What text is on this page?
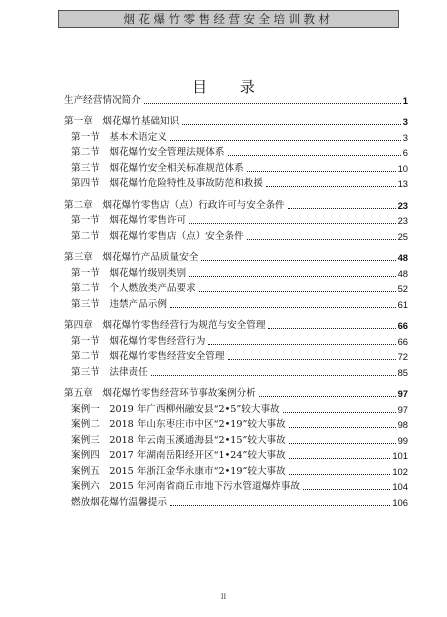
烟花爆竹零售经营安全培训教材
目 录
生产经营情况简介	1
第一章　烟花爆竹基础知识	3
第一节　基本术语定义	3
第二节　烟花爆竹安全管理法规体系	6
第三节　烟花爆竹安全相关标准规范体系	10
第四节　烟花爆竹危险特性及事故防范和救援	13
第二章　烟花爆竹零售店（点）行政许可与安全条件	23
第一节　烟花爆竹零售许可	23
第二节　烟花爆竹零售店（点）安全条件	25
第三章　烟花爆竹产品质量安全	48
第一节　烟花爆竹级别类别	48
第二节　个人燃放类产品要求	52
第三节　违禁产品示例	61
第四章　烟花爆竹零售经营行为规范与安全管理	66
第一节　烟花爆竹零售经营行为	66
第二节　烟花爆竹零售经营安全管理	72
第三节　法律责任	85
第五章　烟花爆竹零售经营环节事故案例分析	97
案例一　2019 年广西柳州融安县“2•5”较大事故	97
案例二　2018 年山东枣庄市中区“2•19”较大事故	98
案例三　2018 年云南玉溪通海县“2•15”较大事故	99
案例四　2017 年湖南岳阳经开区“1•24”较大事故	101
案例五　2015 年浙江金华永康市“2•19”较大事故	102
案例六　2015 年河南省商丘市地下污水管道爆炸事故	104
燃放烟花爆竹温馨提示	106
II
